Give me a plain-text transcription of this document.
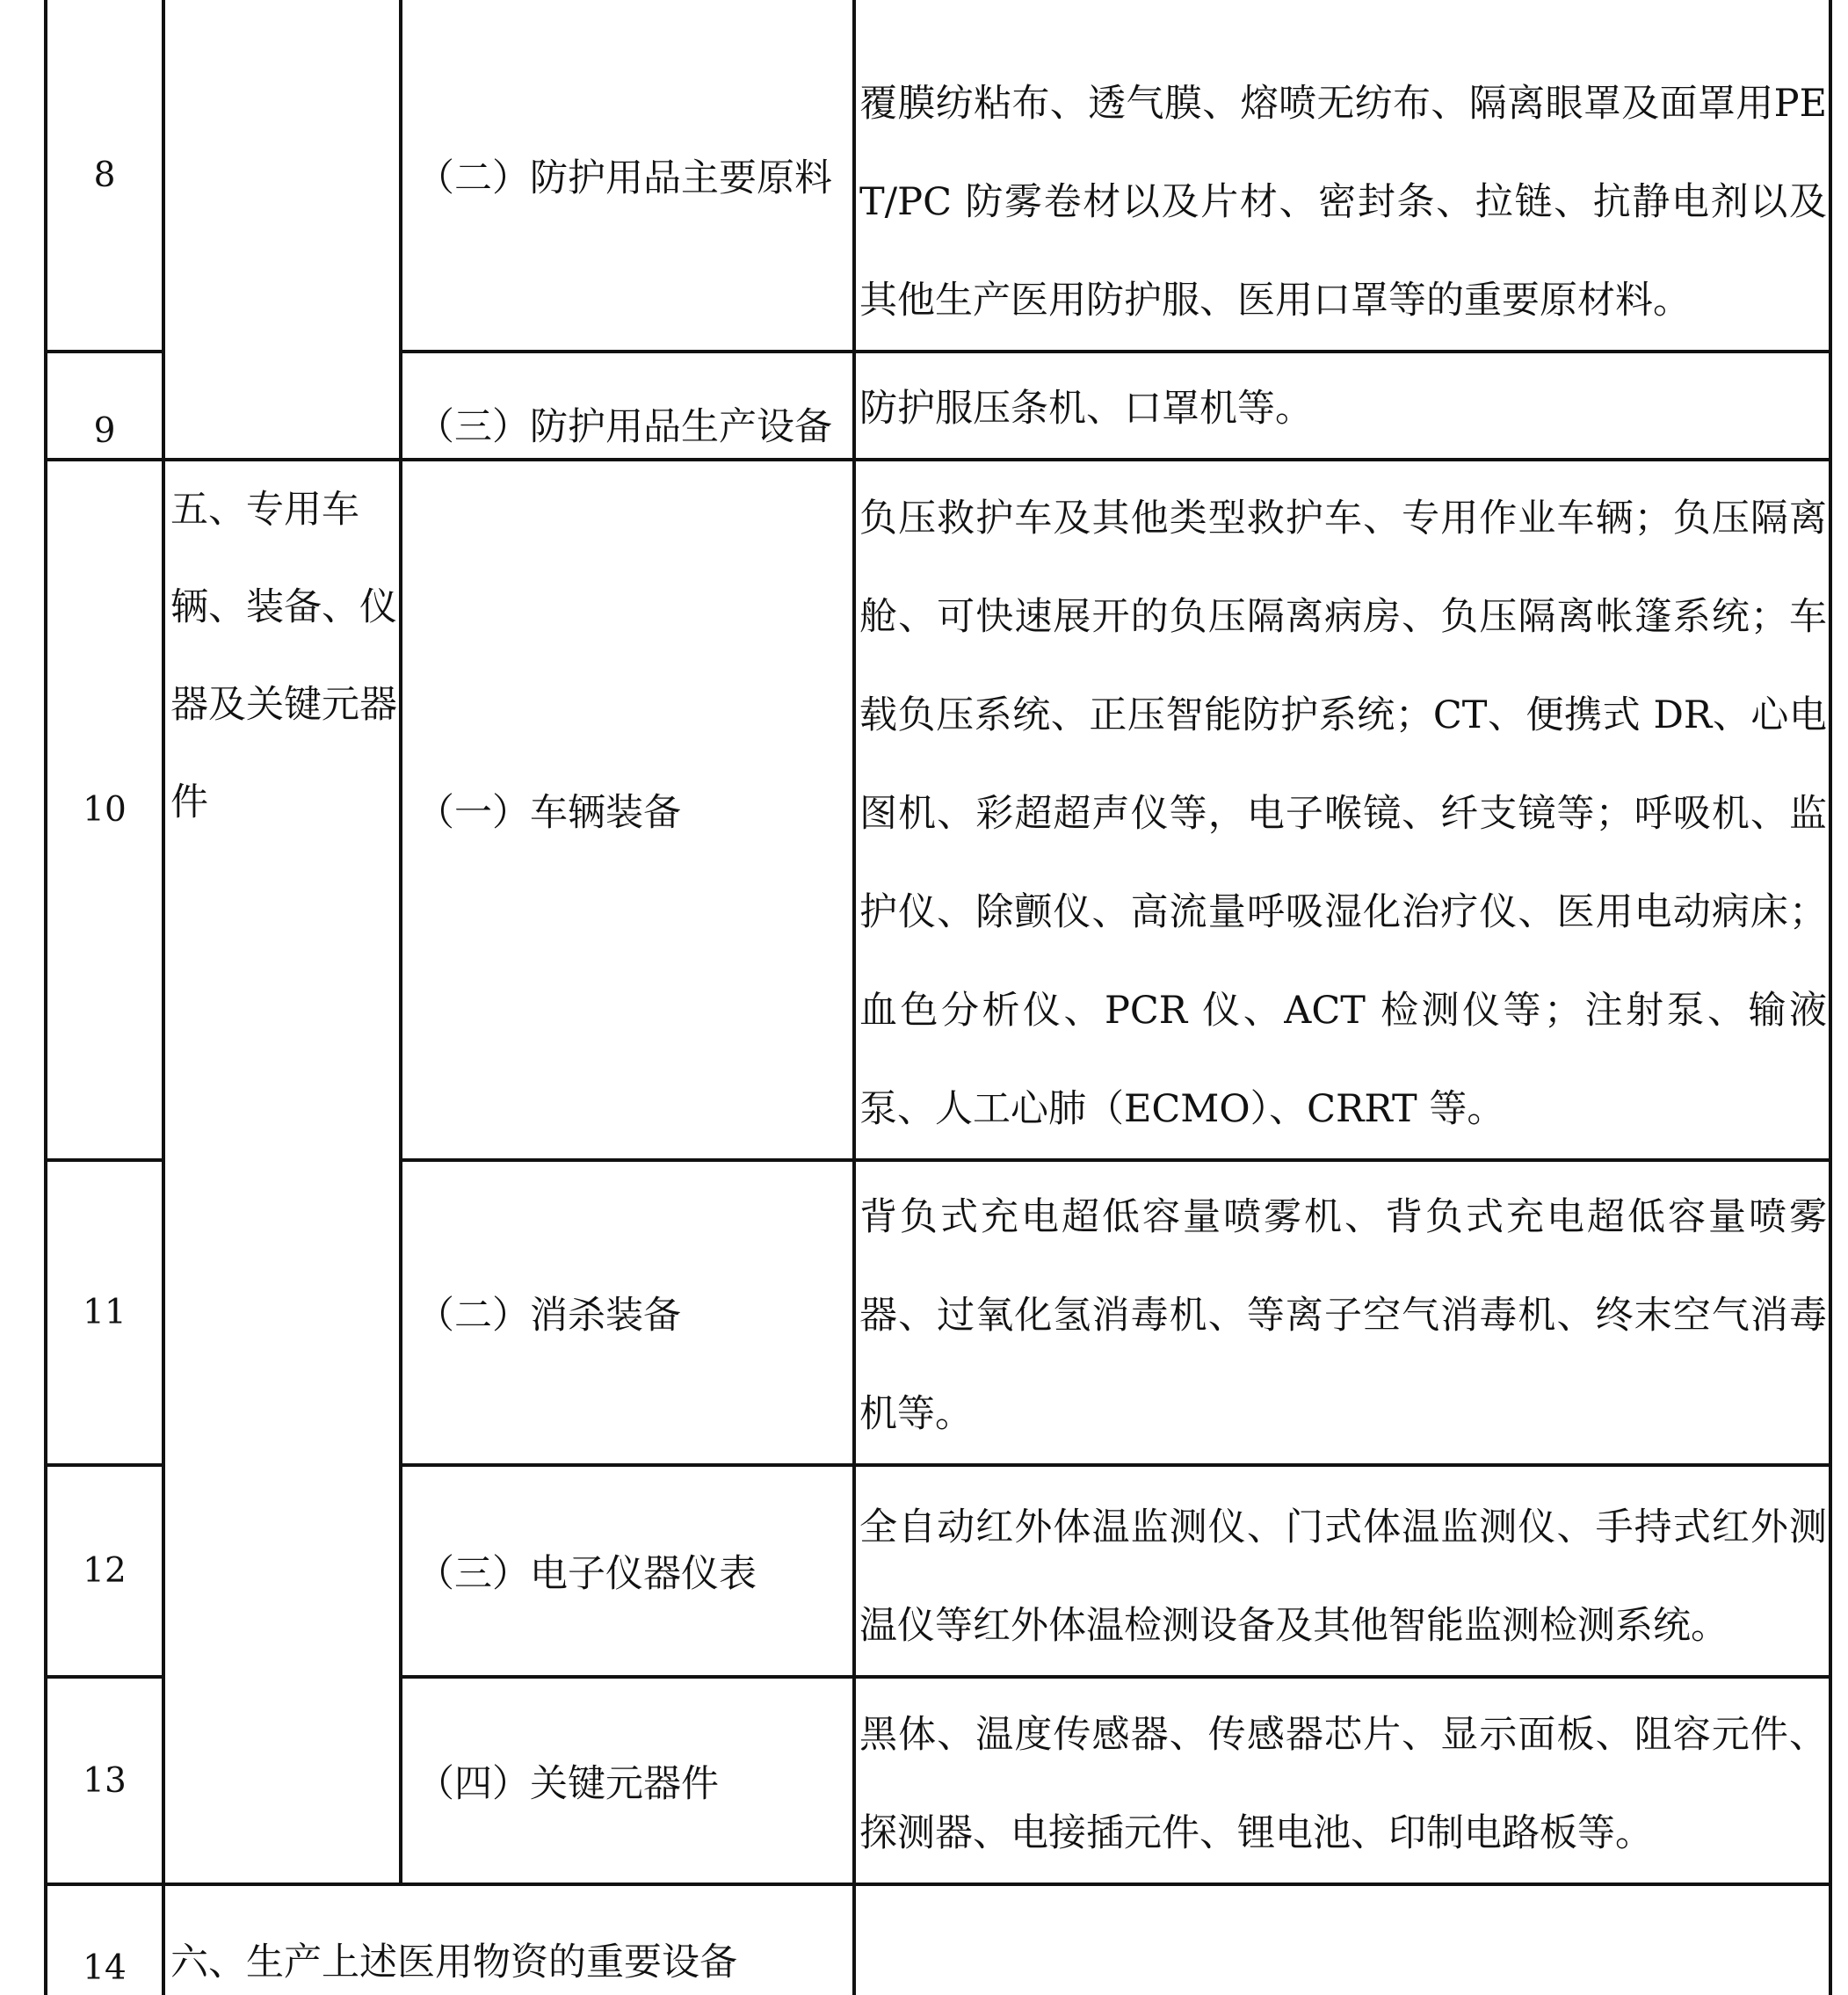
8		（二）防护用品主要原料	覆膜纺粘布、透气膜、熔喷无纺布、隔离眼罩及面罩用PET/PC 防雾卷材以及片材、密封条、拉链、抗静电剂以及其他生产医用防护服、医用口罩等的重要原材料。
9		（三）防护用品生产设备	防护服压条机、口罩机等。
10	五、专用车辆、装备、仪器及关键元器件	（一）车辆装备	负压救护车及其他类型救护车、专用作业车辆；负压隔离舱、可快速展开的负压隔离病房、负压隔离帐篷系统；车载负压系统、正压智能防护系统；CT、便携式 DR、心电图机、彩超超声仪等，电子喉镜、纤支镜等；呼吸机、监护仪、除颤仪、高流量呼吸湿化治疗仪、医用电动病床；血色分析仪、PCR 仪、ACT 检测仪等；注射泵、输液泵、人工心肺（ECMO）、CRRT 等。
11		（二）消杀装备	背负式充电超低容量喷雾机、背负式充电超低容量喷雾器、过氧化氢消毒机、等离子空气消毒机、终末空气消毒机等。
12		（三）电子仪器仪表	全自动红外体温监测仪、门式体温监测仪、手持式红外测温仪等红外体温检测设备及其他智能监测检测系统。
13		（四）关键元器件	黑体、温度传感器、传感器芯片、显示面板、阻容元件、探测器、电接插元件、锂电池、印制电路板等。
14	六、生产上述医用物资的重要设备		
